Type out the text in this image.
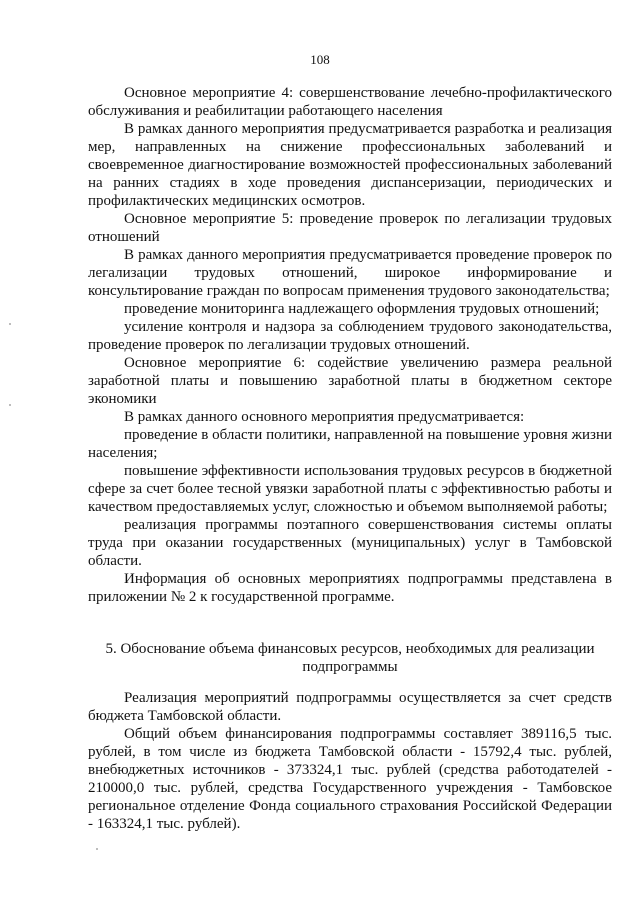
108

Основное мероприятие 4: совершенствование лечебно-профилактического обслуживания и реабилитации работающего населения

В рамках данного мероприятия предусматривается разработка и реализация мер, направленных на снижение профессиональных заболеваний и своевременное диагностирование возможностей профессиональных заболеваний на ранних стадиях в ходе проведения диспансеризации, периодических и профилактических медицинских осмотров.

Основное мероприятие 5: проведение проверок по легализации трудовых отношений

В рамках данного мероприятия предусматривается проведение проверок по легализации трудовых отношений, широкое информирование и консультирование граждан по вопросам применения трудового законодательства;

проведение мониторинга надлежащего оформления трудовых отношений;

усиление контроля и надзора за соблюдением трудового законодательства, проведение проверок по легализации трудовых отношений.

Основное мероприятие 6: содействие увеличению размера реальной заработной платы и повышению заработной платы в бюджетном секторе экономики

В рамках данного основного мероприятия предусматривается:

проведение в области политики, направленной на повышение уровня жизни населения;

повышение эффективности использования трудовых ресурсов в бюджетной сфере за счет более тесной увязки заработной платы с эффективностью работы и качеством предоставляемых услуг, сложностью и объемом выполняемой работы;

реализация программы поэтапного совершенствования системы оплаты труда при оказании государственных (муниципальных) услуг в Тамбовской области.

Информация об основных мероприятиях подпрограммы представлена в приложении № 2 к государственной программе.

5. Обоснование объема финансовых ресурсов, необходимых для реализации подпрограммы

Реализация мероприятий подпрограммы осуществляется за счет средств бюджета Тамбовской области.

Общий объем финансирования подпрограммы составляет 389116,5 тыс. рублей, в том числе из бюджета Тамбовской области - 15792,4 тыс. рублей, внебюджетных источников - 373324,1 тыс. рублей (средства работодателей - 210000,0 тыс. рублей, средства Государственного учреждения - Тамбовское региональное отделение Фонда социального страхования Российской Федерации - 163324,1 тыс. рублей).
